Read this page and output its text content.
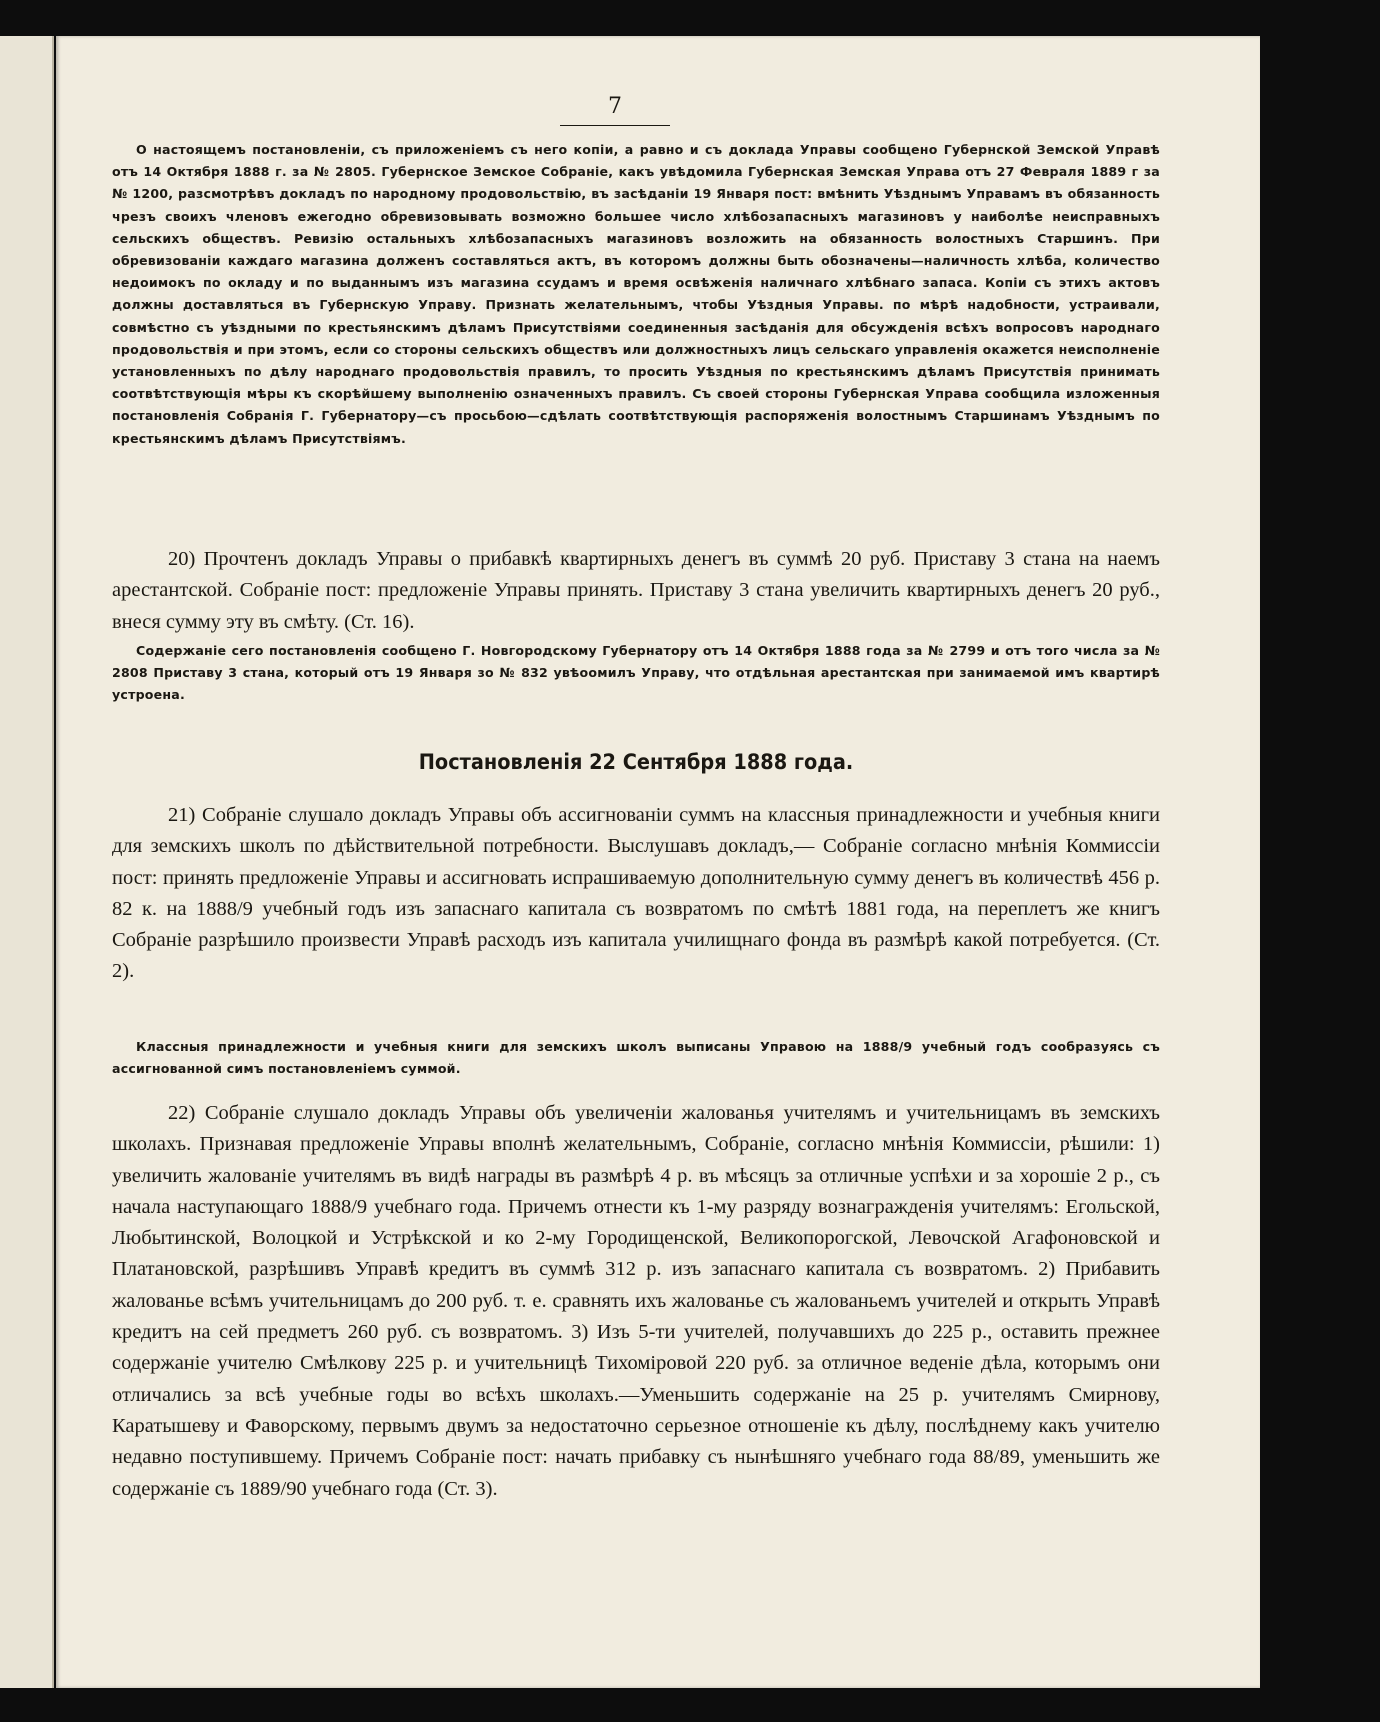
7

О настоящемъ постановленіи, съ приложеніемъ съ него копіи, а равно и съ доклада Управы сообщено Губернской Земской Управѣ отъ 14 Октября 1888 г. за № 2805. Губернское Земское Собраніе, какъ увѣдомила Губернская Земская Управа отъ 27 Февраля 1889 г за № 1200, разсмотрѣвъ докладъ по народному продовольствію, въ засѣданіи 19 Января пост: вмѣнить Уѣзднымъ Управамъ въ обязанность чрезъ своихъ членовъ ежегодно обревизовывать возможно большее число хлѣбозапасныхъ магазиновъ у наиболѣе неисправныхъ сельскихъ обществъ. Ревизію остальныхъ хлѣбозапасныхъ магазиновъ возложить на обязанность волостныхъ Старшинъ. При обревизованіи каждаго магазина долженъ составляться актъ, въ которомъ должны быть обозначены—наличность хлѣба, количество недоимокъ по окладу и по выданнымъ изъ магазина ссудамъ и время освѣженія наличнаго хлѣбнаго запаса. Копіи съ этихъ актовъ должны доставляться въ Губернскую Управу. Признать желательнымъ, чтобы Уѣздныя Управы. по мѣрѣ надобности, устраивали, совмѣстно съ уѣздными по крестьянскимъ дѣламъ Присутствіями соединенныя засѣданія для обсужденія всѣхъ вопросовъ народнаго продовольствія и при этомъ, если со стороны сельскихъ обществъ или должностныхъ лицъ сельскаго управленія окажется неисполненіе установленныхъ по дѣлу народнаго продовольствія правилъ, то просить Уѣздныя по крестьянскимъ дѣламъ Присутствія принимать соотвѣтствующія мѣры къ скорѣйшему выполненію означенныхъ правилъ. Съ своей стороны Губернская Управа сообщила изложенныя постановленія Собранія Г. Губернатору—съ просьбою—сдѣлать соотвѣтствующія распоряженія волостнымъ Старшинамъ Уѣзднымъ по крестьянскимъ дѣламъ Присутствіямъ.

20) Прочтенъ докладъ Управы о прибавкѣ квартирныхъ денегъ въ суммѣ 20 руб. Приставу 3 стана на наемъ арестантской. Собраніе пост: предложеніе Управы принять. Приставу 3 стана увеличить квартирныхъ денегъ 20 руб., внеся сумму эту въ смѣту. (Ст. 16).

Содержаніе сего постановленія сообщено Г. Новгородскому Губернатору отъ 14 Октября 1888 года за № 2799 и отъ того числа за № 2808 Приставу 3 стана, который отъ 19 Января зо № 832 увѣоомилъ Управу, что отдѣльная арестантская при занимаемой имъ квартирѣ устроена.

Постановленія 22 Сентября 1888 года.

21) Собраніе слушало докладъ Управы объ ассигнованіи суммъ на классныя принадлежности и учебныя книги для земскихъ школъ по дѣйствительной потребности. Выслушавъ докладъ,— Собраніе согласно мнѣнія Коммиссіи пост: принять предложеніе Управы и ассигновать испрашиваемую дополнительную сумму денегъ въ количествѣ 456 р. 82 к. на 1888/9 учебный годъ изъ запаснаго капитала съ возвратомъ по смѣтѣ 1881 года, на переплетъ же книгъ Собраніе разрѣшило произвести Управѣ расходъ изъ капитала училищнаго фонда въ размѣрѣ какой потребуется. (Ст. 2).

Классныя принадлежности и учебныя книги для земскихъ школъ выписаны Управою на 1888/9 учебный годъ сообразуясь съ ассигнованной симъ постановленіемъ суммой.

22) Собраніе слушало докладъ Управы объ увеличеніи жалованья учителямъ и учительницамъ въ земскихъ школахъ. Признавая предложеніе Управы вполнѣ желательнымъ, Собраніе, согласно мнѣнія Коммиссіи, рѣшили: 1) увеличить жалованіе учителямъ въ видѣ награды въ размѣрѣ 4 р. въ мѣсяцъ за отличные успѣхи и за хорошіе 2 р., съ начала наступающаго 1888/9 учебнаго года. Причемъ отнести къ 1-му разряду вознагражденія учителямъ: Егольской, Любытинской, Волоцкой и Устрѣкской и ко 2-му Городищенской, Великопорогской, Левочской Агафоновской и Платановской, разрѣшивъ Управѣ кредитъ въ суммѣ 312 р. изъ запаснаго капитала съ возвратомъ. 2) Прибавить жалованье всѣмъ учительницамъ до 200 руб. т. е. сравнять ихъ жалованье съ жалованьемъ учителей и открыть Управѣ кредитъ на сей предметъ 260 руб. съ возвратомъ. 3) Изъ 5-ти учителей, получавшихъ до 225 р., оставить прежнее содержаніе учителю Смѣлкову 225 р. и учительницѣ Тихоміровой 220 руб. за отличное веденіе дѣла, которымъ они отличались за всѣ учебные годы во всѣхъ школахъ.—Уменьшить содержаніе на 25 р. учителямъ Смирнову, Каратышеву и Фаворскому, первымъ двумъ за недостаточно серьезное отношеніе къ дѣлу, послѣднему какъ учителю недавно поступившему. Причемъ Собраніе пост: начать прибавку съ нынѣшняго учебнаго года 88/89, уменьшить же содержаніе съ 1889/90 учебнаго года (Ст. 3).
